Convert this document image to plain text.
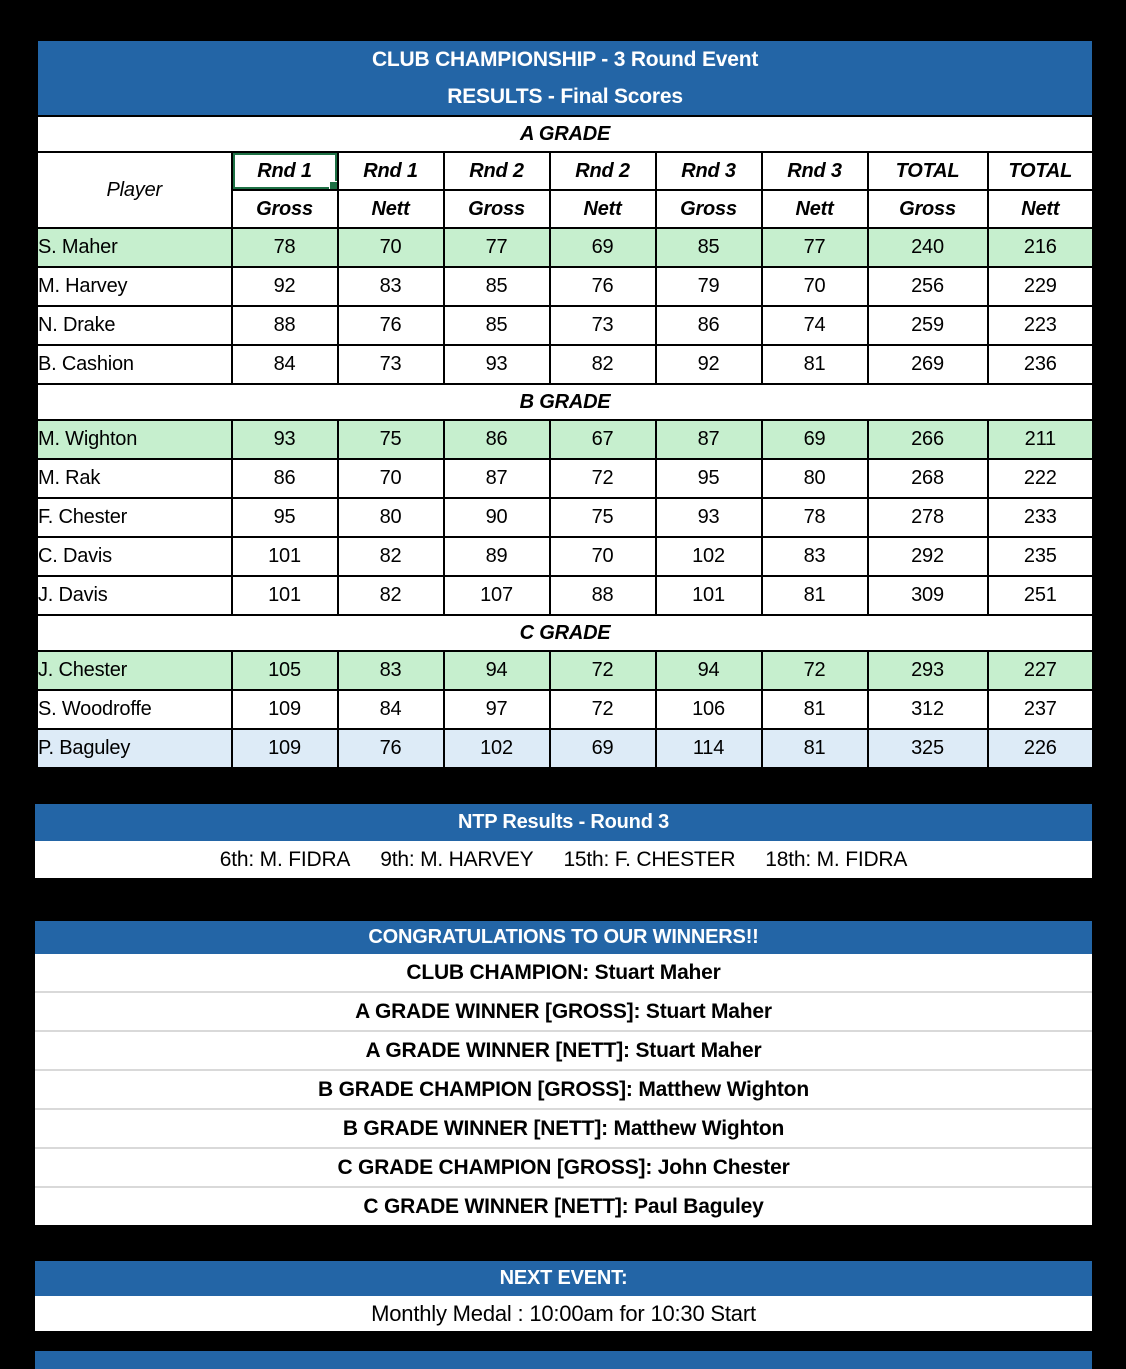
CLUB CHAMPIONSHIP - 3 Round Event
RESULTS - Final Scores								

A GRADE								
Player	Rnd 1	Rnd 1	Rnd 2	Rnd 2	Rnd 3	Rnd 3	TOTAL	TOTAL
	Gross	Nett	Gross	Nett	Gross	Nett	Gross	Nett
S. Maher	78	70	77	69	85	77	240	216
M. Harvey	92	83	85	76	79	70	256	229
N. Drake	88	76	85	73	86	74	259	223
B. Cashion	84	73	93	82	92	81	269	236
B GRADE								
M. Wighton	93	75	86	67	87	69	266	211
M. Rak	86	70	87	72	95	80	268	222
F. Chester	95	80	90	75	93	78	278	233
C. Davis	101	82	89	70	102	83	292	235
J. Davis	101	82	107	88	101	81	309	251
C GRADE								
J. Chester	105	83	94	72	94	72	293	227
S. Woodroffe	109	84	97	72	106	81	312	237
P. Baguley	109	76	102	69	114	81	325	226
NTP Results - Round 3
6th: M. FIDRA 9th: M. HARVEY 15th: F. CHESTER 18th: M. FIDRA
CONGRATULATIONS TO OUR WINNERS!!
CLUB CHAMPION: Stuart Maher
A GRADE WINNER [GROSS]: Stuart Maher
A GRADE WINNER [NETT]: Stuart Maher
B GRADE CHAMPION [GROSS]: Matthew Wighton
B GRADE WINNER [NETT]: Matthew Wighton
C GRADE CHAMPION [GROSS]: John Chester
C GRADE WINNER [NETT]: Paul Baguley
NEXT EVENT:
Monthly Medal : 10:00am for 10:30 Start
